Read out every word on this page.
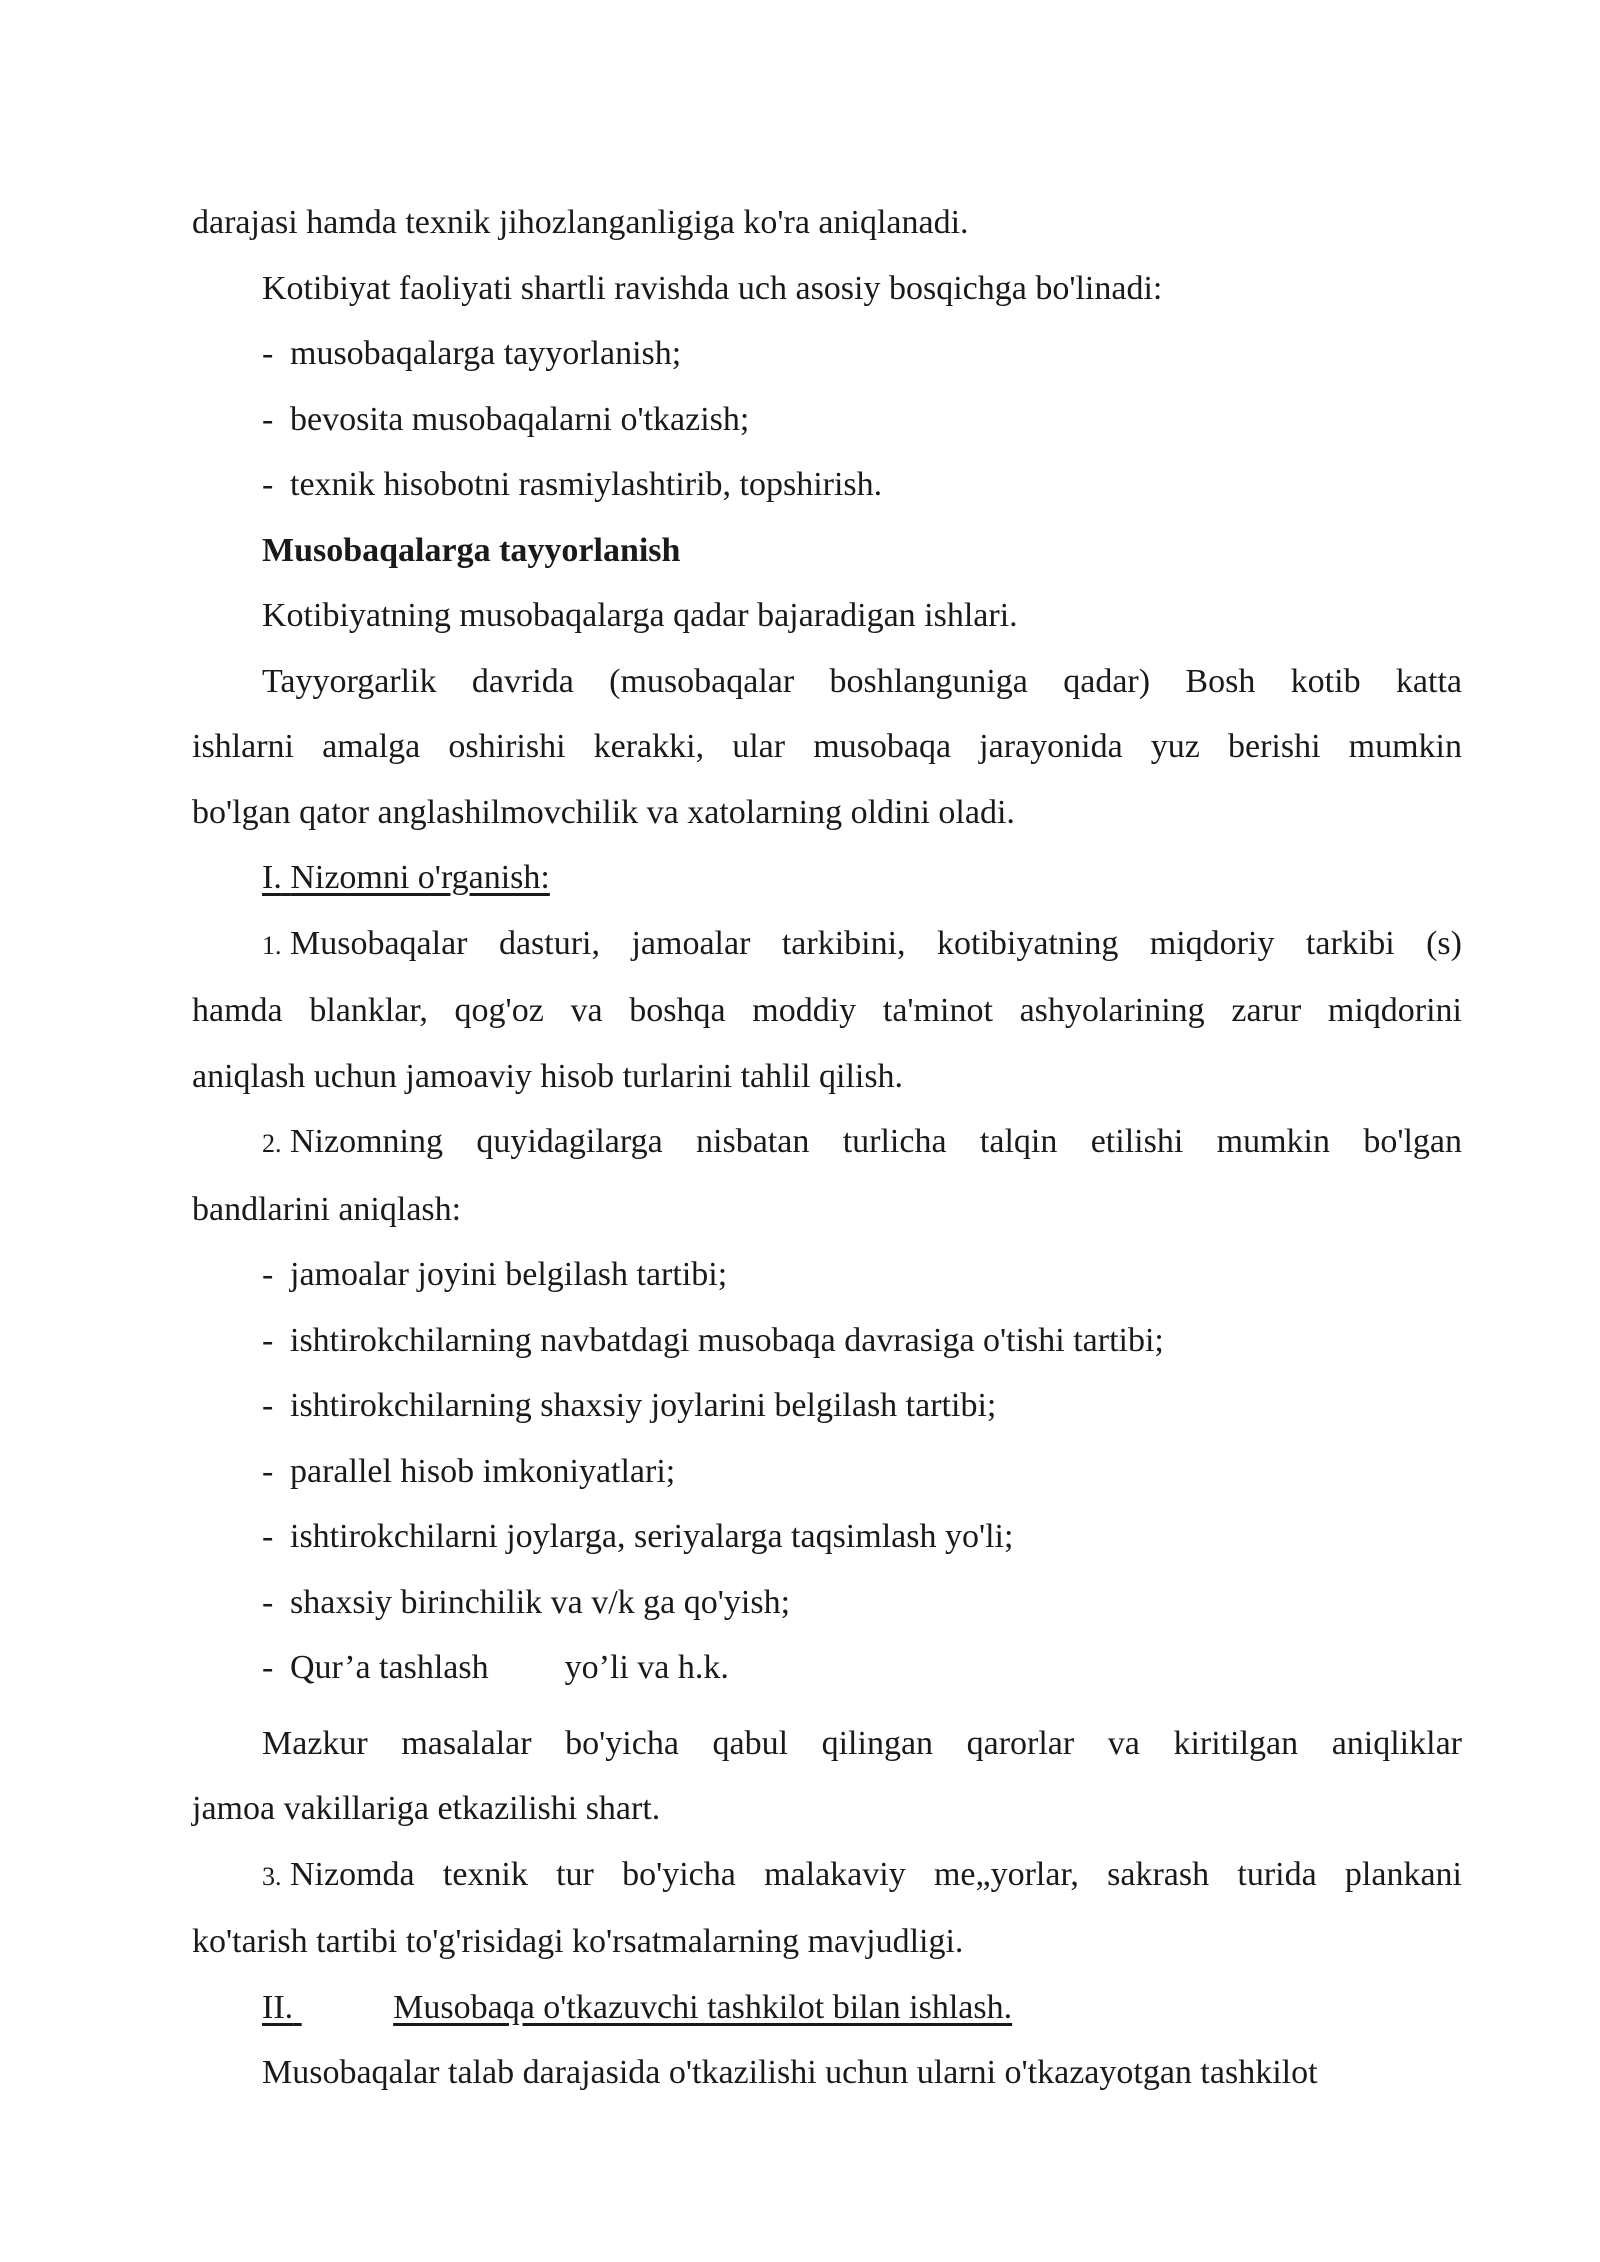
darajasi hamda texnik jihozlanganligiga ko'ra aniqlanadi.

Kotibiyat faoliyati shartli ravishda uch asosiy bosqichga bo'linadi:

- musobaqalarga tayyorlanish;

- bevosita musobaqalarni o'tkazish;

- texnik hisobotni rasmiylashtirib, topshirish.

Musobaqalarga tayyorlanish

Kotibiyatning musobaqalarga qadar bajaradigan ishlari.

Tayyorgarlik davrida (musobaqalar boshlanguniga qadar) Bosh kotib katta

ishlarni amalga oshirishi kerakki, ular musobaqa jarayonida yuz berishi mumkin

bo'lgan qator anglashilmovchilik va xatolarning oldini oladi.

I. Nizomni o'rganish:

1. Musobaqalar dasturi, jamoalar tarkibini, kotibiyatning miqdoriy tarkibi (s)

hamda blanklar, qog'oz va boshqa moddiy ta'minot ashyolarining zarur miqdorini

aniqlash uchun jamoaviy hisob turlarini tahlil qilish.

2. Nizomning quyidagilarga nisbatan turlicha talqin etilishi mumkin bo'lgan

bandlarini aniqlash:

- jamoalar joyini belgilash tartibi;

- ishtirokchilarning navbatdagi musobaqa davrasiga o'tishi tartibi;

- ishtirokchilarning shaxsiy joylarini belgilash tartibi;

- parallel hisob imkoniyatlari;

- ishtirokchilarni joylarga, seriyalarga taqsimlash yo'li;

- shaxsiy birinchilik va v/k ga qo'yish;

- Qur’a tashlash yo’li va h.k.

Mazkur masalalar bo'yicha qabul qilingan qarorlar va kiritilgan aniqliklar

jamoa vakillariga etkazilishi shart.

3. Nizomda texnik tur bo'yicha malakaviy me„yorlar, sakrash turida plankani

ko'tarish tartibi to'g'risidagi ko'rsatmalarning mavjudligi.

II.	Musobaqa o'tkazuvchi tashkilot bilan ishlash.

Musobaqalar talab darajasida o'tkazilishi uchun ularni o'tkazayotgan tashkilot
